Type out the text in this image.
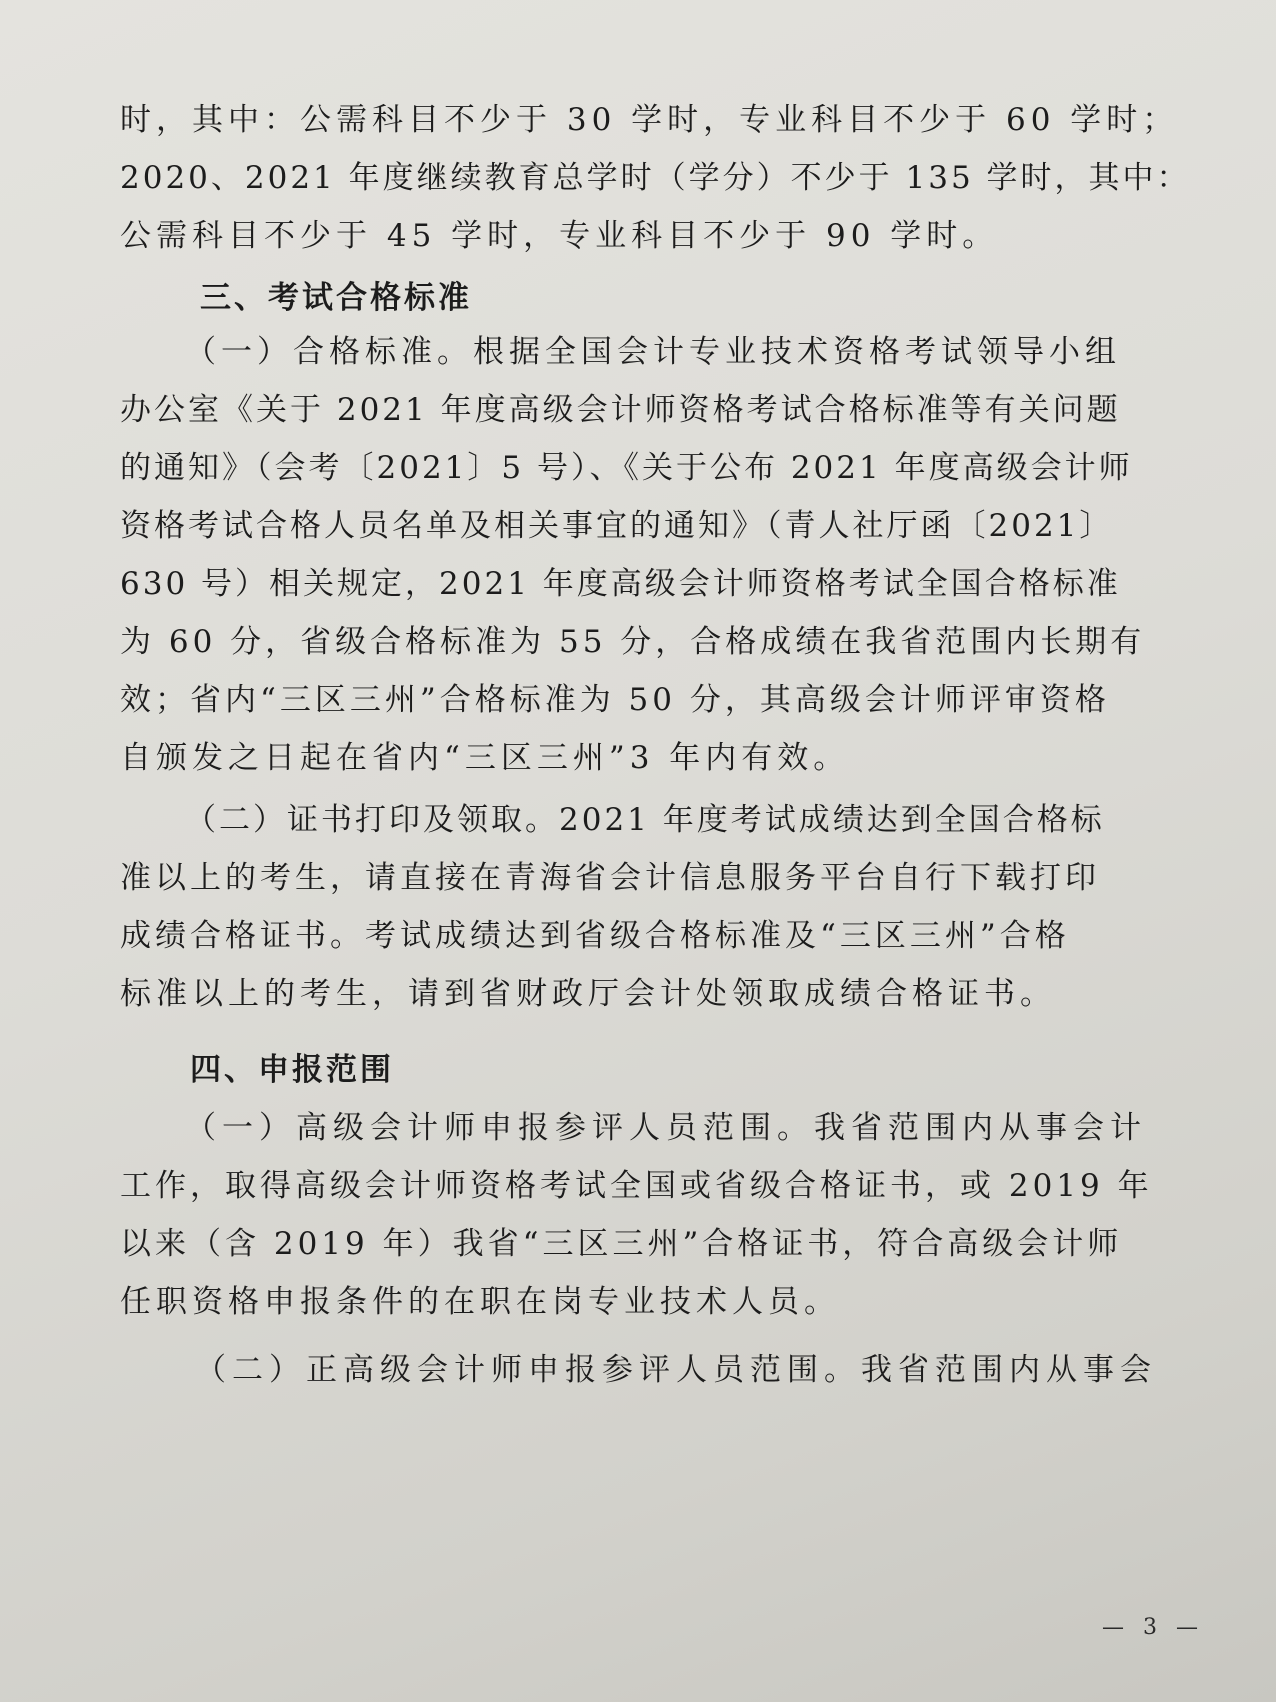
时，其中：公需科目不少于 30 学时，专业科目不少于 60 学时；
2020、2021 年度继续教育总学时（学分）不少于 135 学时，其中：
公需科目不少于 45 学时，专业科目不少于 90 学时。
三、考试合格标准
（一）合格标准。根据全国会计专业技术资格考试领导小组
办公室《关于 2021 年度高级会计师资格考试合格标准等有关问题
的通知》（会考〔2021〕5 号）、《关于公布 2021 年度高级会计师
资格考试合格人员名单及相关事宜的通知》（青人社厅函〔2021〕
630 号）相关规定，2021 年度高级会计师资格考试全国合格标准
为 60 分，省级合格标准为 55 分，合格成绩在我省范围内长期有
效；省内“三区三州”合格标准为 50 分，其高级会计师评审资格
自颁发之日起在省内“三区三州”3 年内有效。
（二）证书打印及领取。2021 年度考试成绩达到全国合格标
准以上的考生，请直接在青海省会计信息服务平台自行下载打印
成绩合格证书。考试成绩达到省级合格标准及“三区三州”合格
标准以上的考生，请到省财政厅会计处领取成绩合格证书。
四、申报范围
（一）高级会计师申报参评人员范围。我省范围内从事会计
工作，取得高级会计师资格考试全国或省级合格证书，或 2019 年
以来（含 2019 年）我省“三区三州”合格证书，符合高级会计师
任职资格申报条件的在职在岗专业技术人员。
（二）正高级会计师申报参评人员范围。我省范围内从事会
— 3 —
